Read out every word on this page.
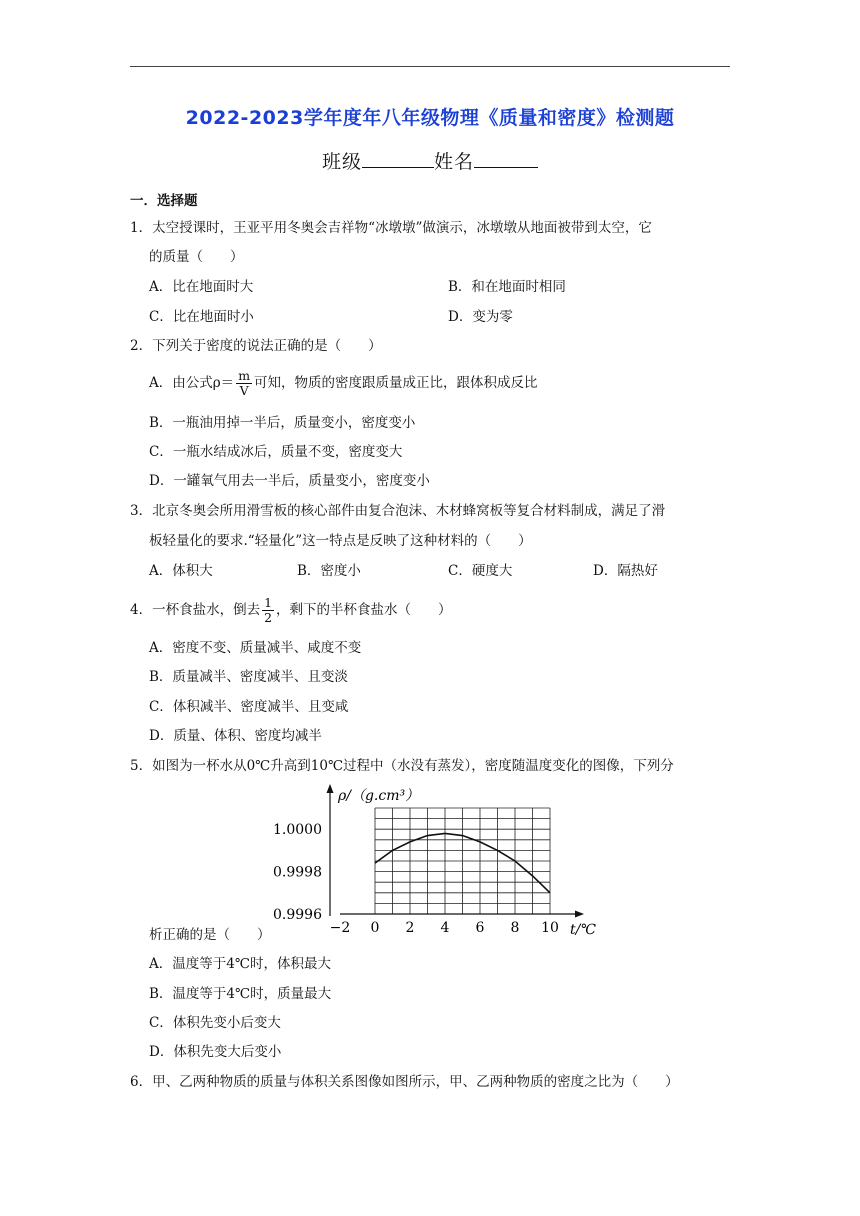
2022-2023学年度年八年级物理《质量和密度》检测题
班级	姓名
一．选择题
1．太空授课时，王亚平用冬奥会吉祥物“冰墩墩”做演示，冰墩墩从地面被带到太空，它
的质量（　　）
A．比在地面时大	B．和在地面时相同
C．比在地面时小	D．变为零
2．下列关于密度的说法正确的是（　　）
A．由公式$\rho= \frac{m}{V}$ 可知，物质的密度跟质量成正比，跟体积成反比
B．一瓶油用掉一半后，质量变小，密度变小
C．一瓶水结成冰后，质量不变，密度变大
D．一罐氧气用去一半后，质量变小，密度变小
3．北京冬奥会所用滑雪板的核心部件由复合泡沫、木材蜂窝板等复合材料制成，满足了滑
板轻量化的要求.“轻量化”这一特点是反映了这种材料的（　　）
A．体积大	B．密度小	C．硬度大	D．隔热好
4．一杯食盐水，倒去 $\frac{1}{2}$ ，剩下的半杯食盐水（　　）
A．密度不变、质量减半、咸度不变
B．质量减半、密度减半、且变淡
C．体积减半、密度减半、且变咸
D．质量、体积、密度均减半
5．如图为一杯水从0℃升高到10℃过程中（水没有蒸发），密度随温度变化的图像，下列分
ρ/（g.cm³）
t/℃
−2 0 2 4 6 8 10
1.0000
0.9998
0.9996
析正确的是（　　）
A．温度等于4℃时，体积最大
B．温度等于4℃时，质量最大
C．体积先变小后变大
D．体积先变大后变小
6．甲、乙两种物质的质量与体积关系图像如图所示，甲、乙两种物质的密度之比为（　　）
